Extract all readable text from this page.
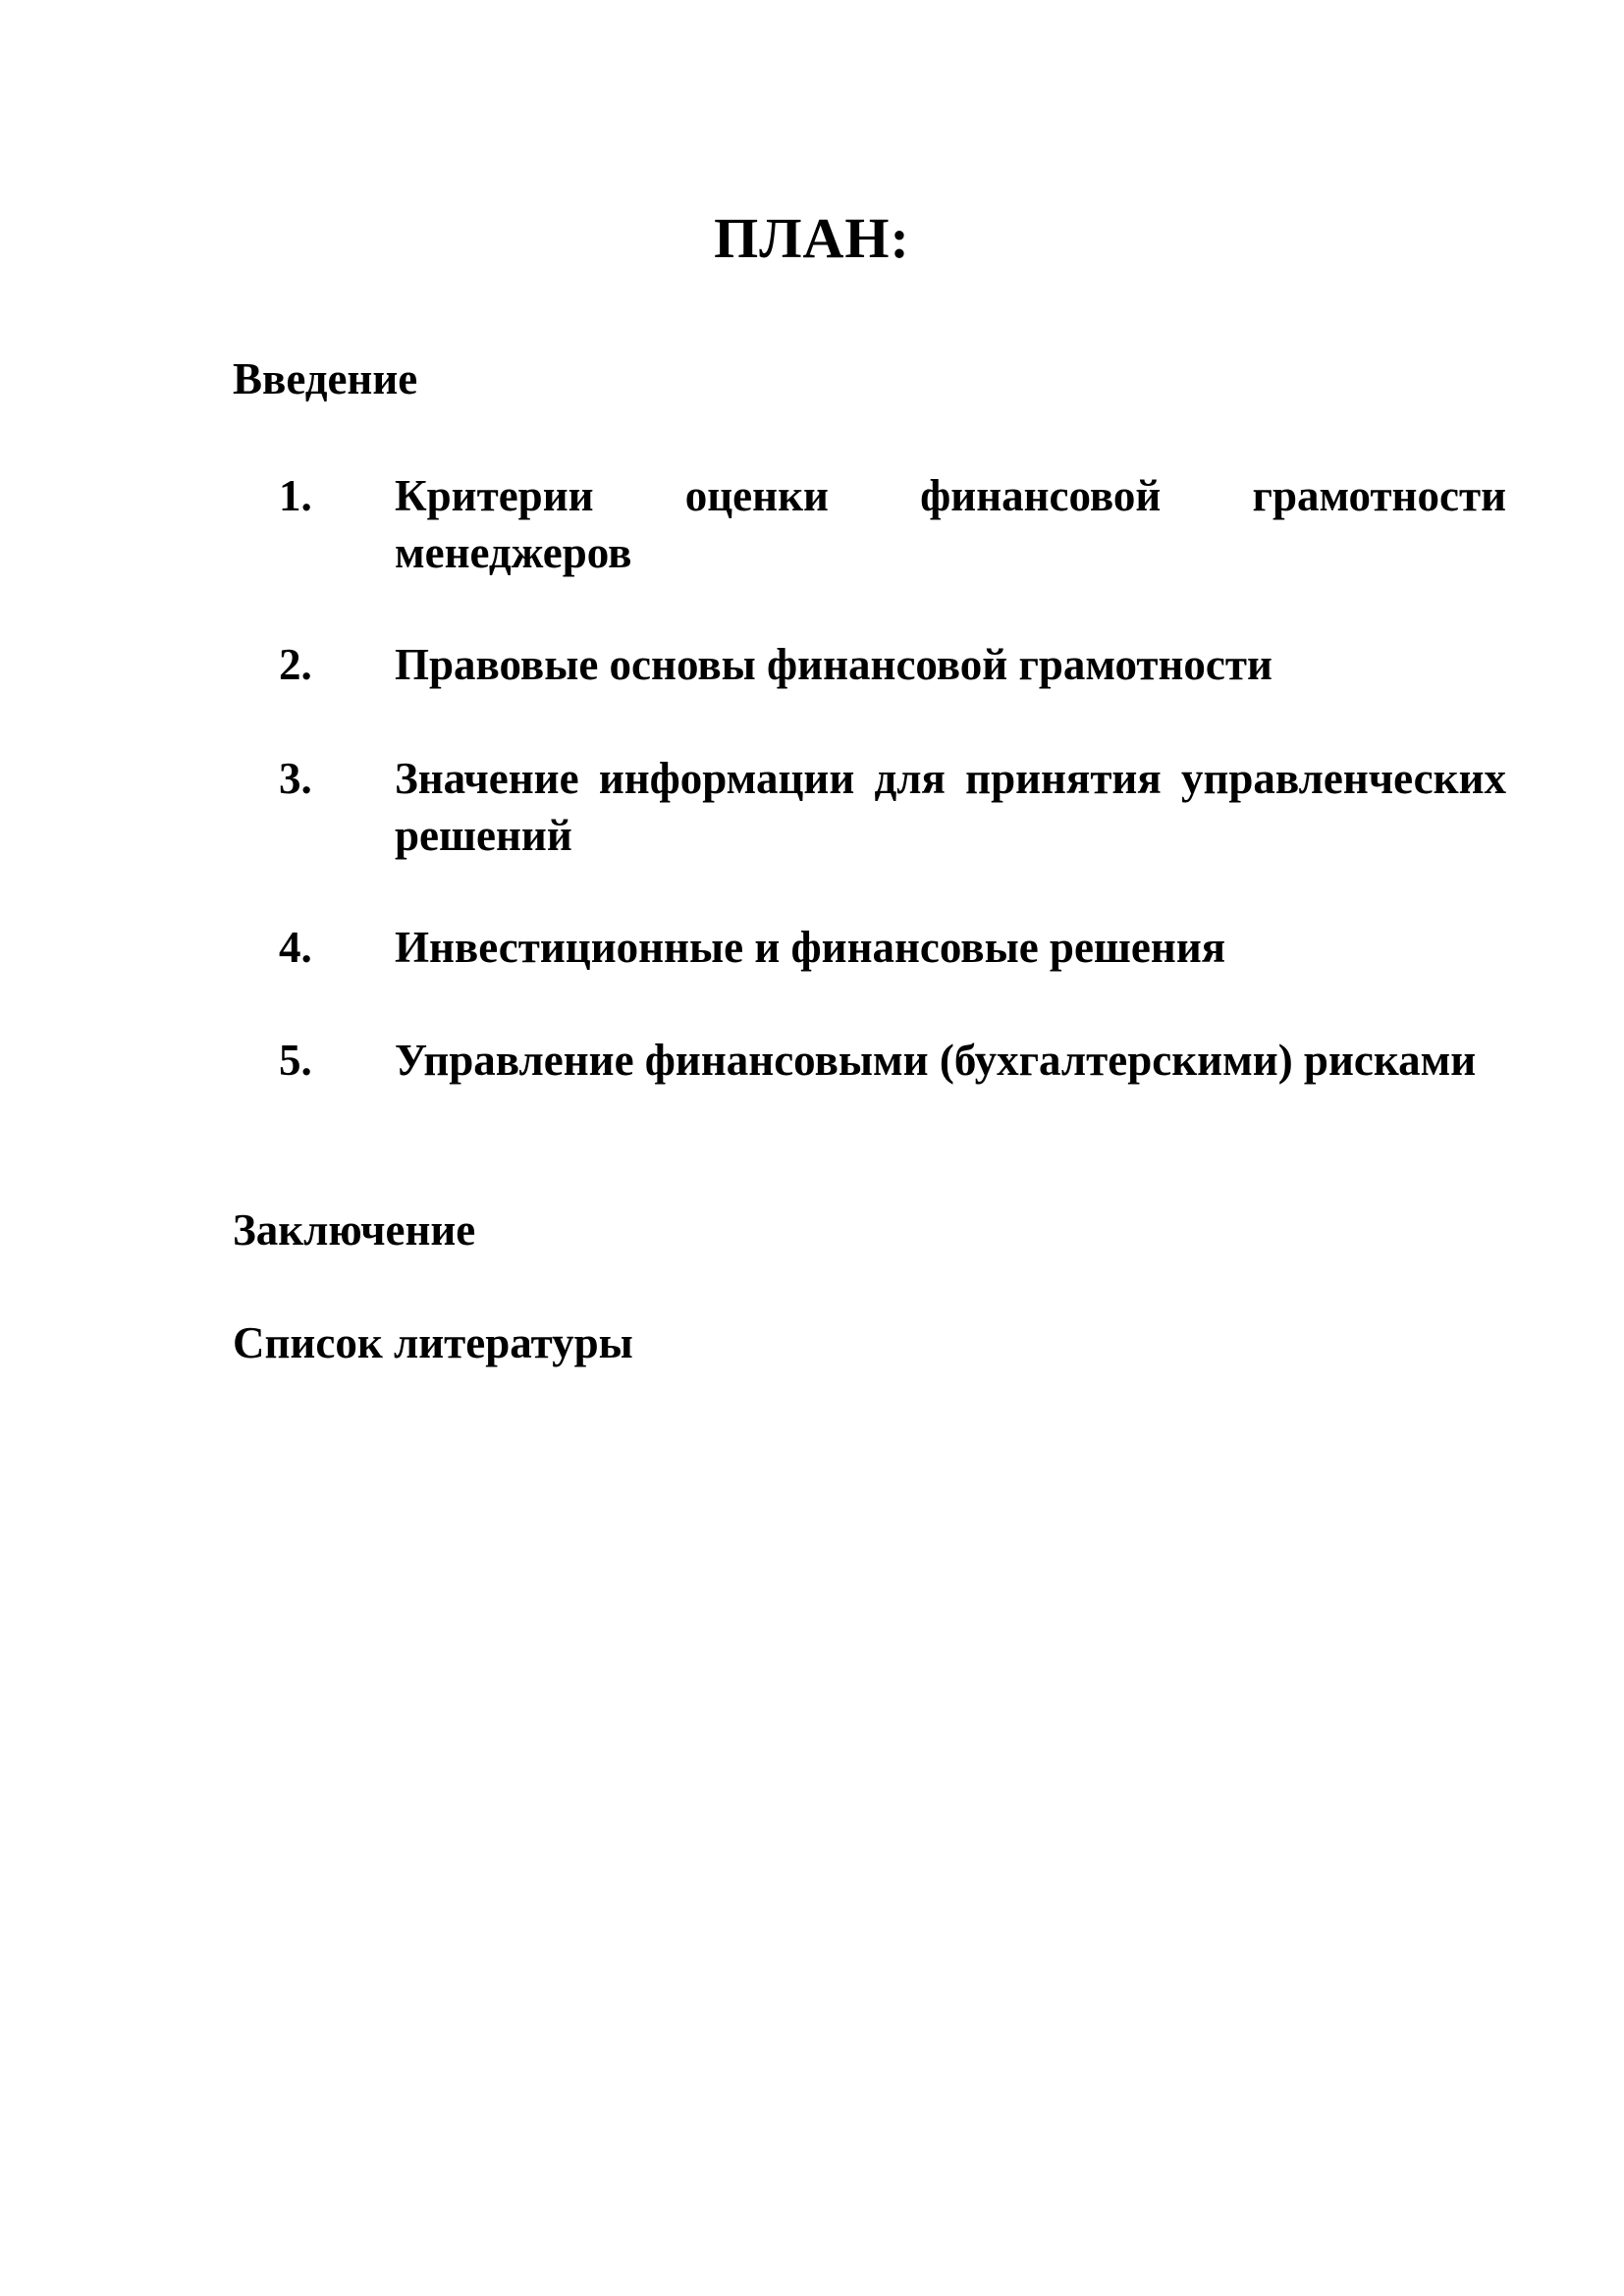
ПЛАН:
Введение
1. Критерии оценки финансовой грамотности менеджеров
2. Правовые основы финансовой грамотности
3. Значение информации для принятия управленческих решений
4. Инвестиционные и финансовые решения
5. Управление финансовыми (бухгалтерскими) рисками
Заключение
Список литературы
